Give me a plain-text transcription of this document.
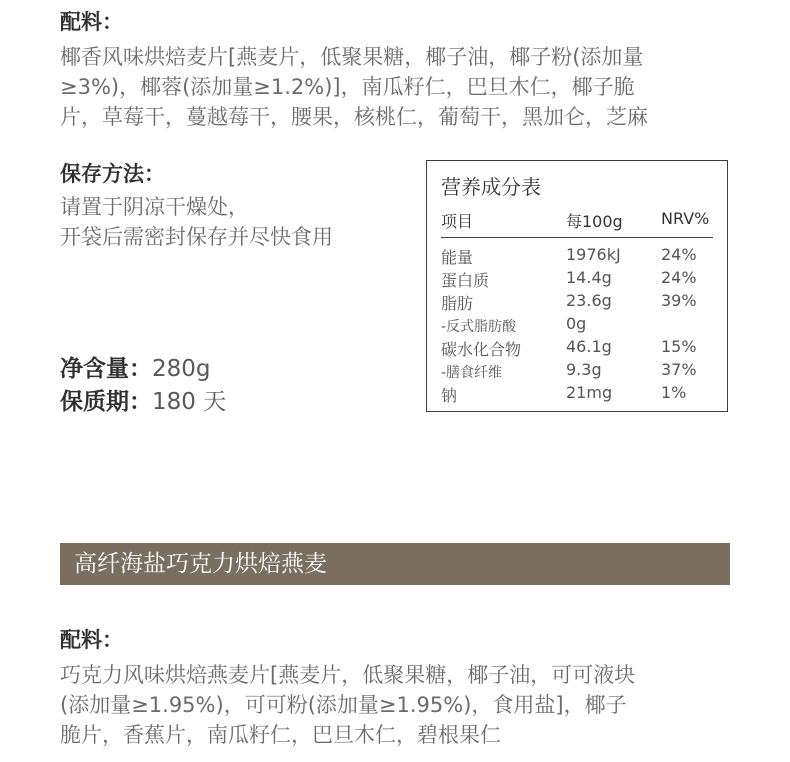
配料：
椰香风味烘焙麦片[燕麦片，低聚果糖，椰子油，椰子粉(添加量
≥3%)，椰蓉(添加量≥1.2%)]，南瓜籽仁，巴旦木仁，椰子脆
片，草莓干，蔓越莓干，腰果，核桃仁，葡萄干，黑加仑，芝麻
保存方法：
请置于阴凉干燥处，
开袋后需密封保存并尽快食用
净含量：280g
保质期：180 天
营养成分表
项目	每100g NRV%
能量	1976kJ	24%
蛋白质	14.4g	24%
脂肪	23.6g	39%
-反式脂肪酸	0g
碳水化合物	46.1g	15%
-膳食纤维	9.3g	37%
钠	21mg	1%
高纤海盐巧克力烘焙燕麦
配料：
巧克力风味烘焙燕麦片[燕麦片，低聚果糖，椰子油，可可液块
(添加量≥1.95%)，可可粉(添加量≥1.95%)，食用盐]，椰子
脆片，香蕉片，南瓜籽仁，巴旦木仁，碧根果仁
